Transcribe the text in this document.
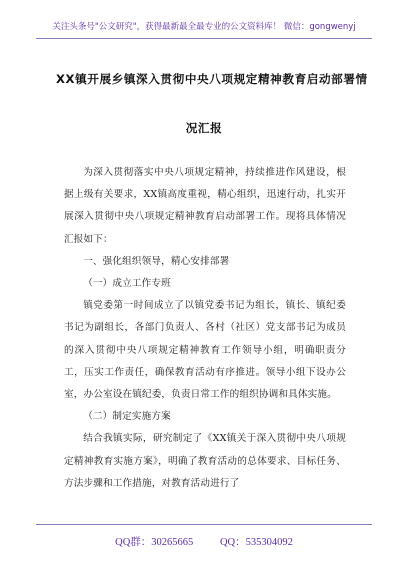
关注头条号"公文研究"，获得最新最全最专业的公文资料库！ 微信：gongwenyj
XX镇开展乡镇深入贯彻中央八项规定精神教育启动部署情
况汇报

为深入贯彻落实中央八项规定精神，持续推进作风建设，根据上级有关要求，XX镇高度重视，精心组织，迅速行动，扎实开展深入贯彻中央八项规定精神教育启动部署工作。现将具体情况汇报如下：

一、强化组织领导，精心安排部署

（一）成立工作专班

镇党委第一时间成立了以镇党委书记为组长，镇长、镇纪委书记为副组长，各部门负责人、各村（社区）党支部书记为成员的深入贯彻中央八项规定精神教育工作领导小组，明确职责分工，压实工作责任，确保教育活动有序推进。领导小组下设办公室，办公室设在镇纪委，负责日常工作的组织协调和具体实施。

（二）制定实施方案

结合我镇实际，研究制定了《XX镇关于深入贯彻中央八项规定精神教育实施方案》，明确了教育活动的总体要求、目标任务、方法步骤和工作措施，对教育活动进行了

QQ群：30265665	QQ：535304092
